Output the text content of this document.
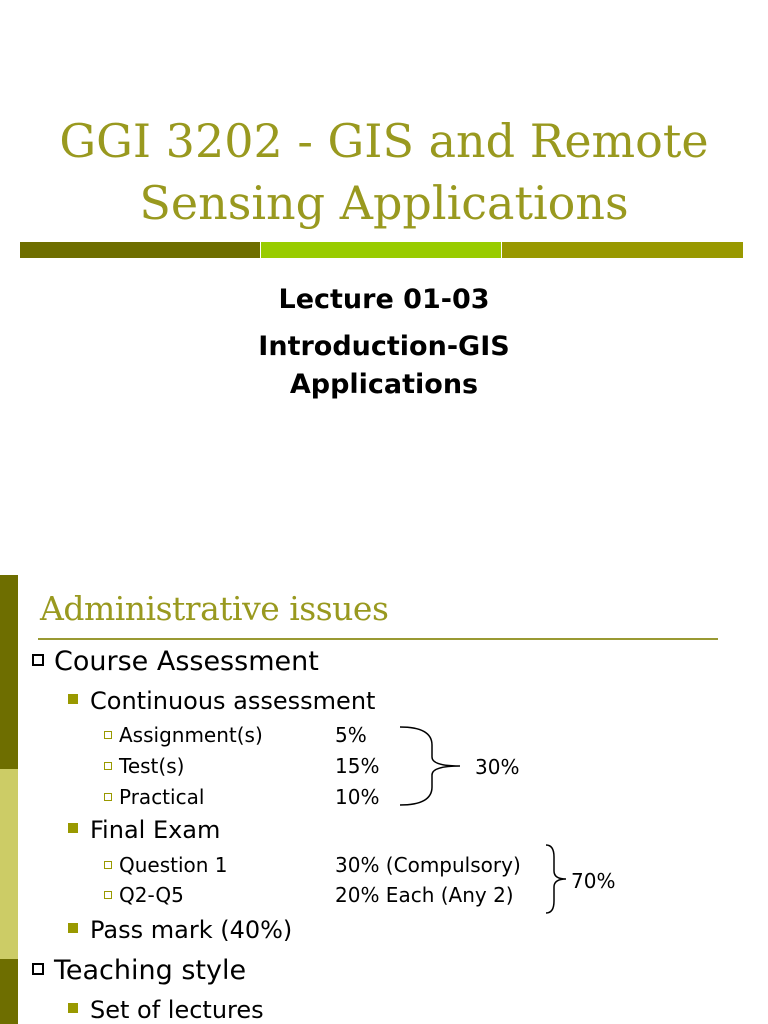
GGI 3202 - GIS and Remote
Sensing Applications
Lecture 01-03
Introduction-GIS
Applications
Administrative issues
Course Assessment
Continuous assessment
Assignment(s)	5%
Test(s)	15%
Practical	10%
30%
Final Exam
Question 1	30% (Compulsory)
Q2-Q5	20% Each (Any 2)
70%
Pass mark (40%)
Teaching style
Set of lectures
